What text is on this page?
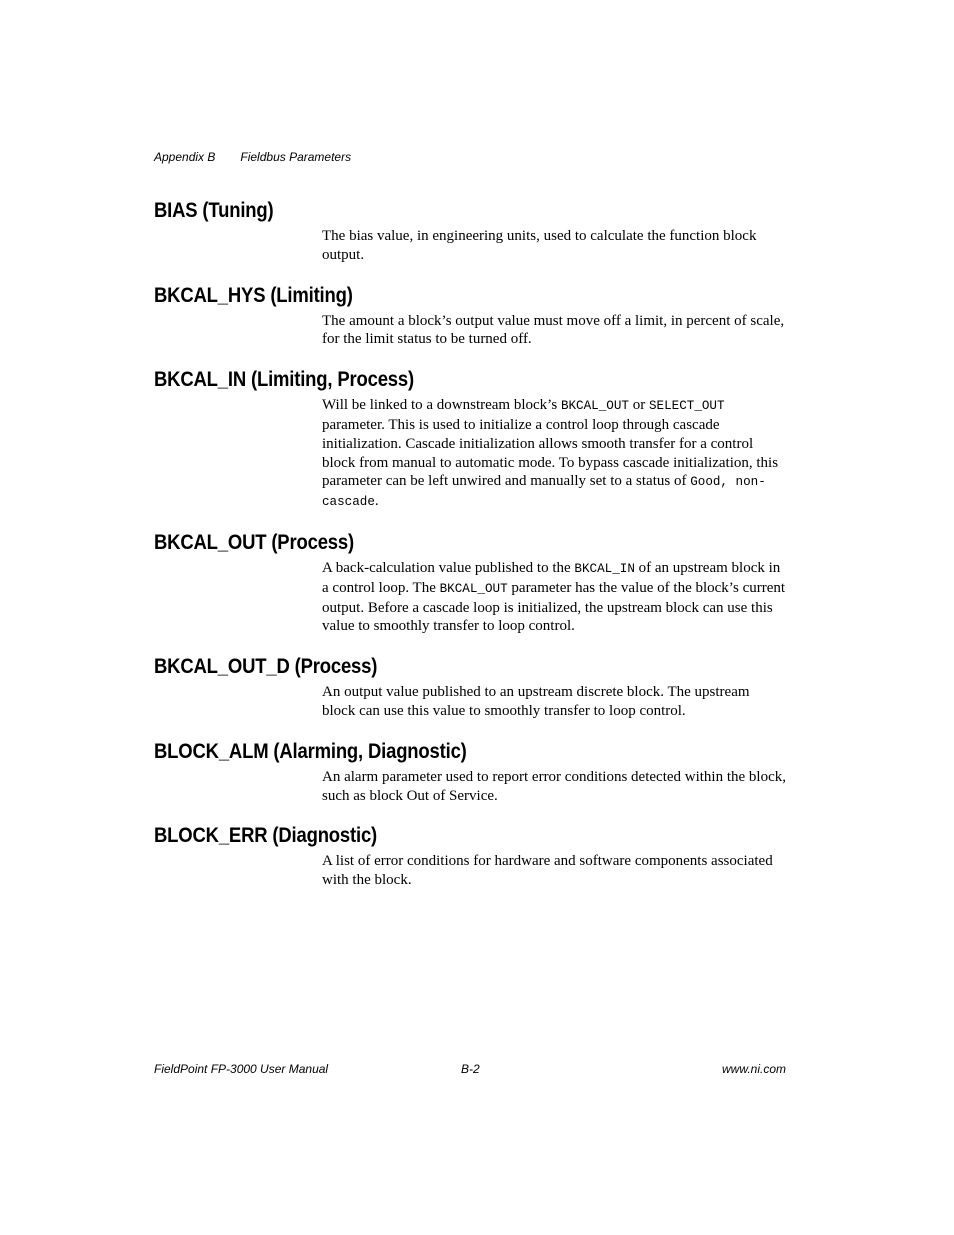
Appendix B Fieldbus Parameters
BIAS (Tuning)

The bias value, in engineering units, used to calculate the function block output.

BKCAL_HYS (Limiting)

The amount a block’s output value must move off a limit, in percent of scale, for the limit status to be turned off.

BKCAL_IN (Limiting, Process)

Will be linked to a downstream block’s BKCAL_OUT or SELECT_OUT parameter. This is used to initialize a control loop through cascade initialization. Cascade initialization allows smooth transfer for a control block from manual to automatic mode. To bypass cascade initialization, this parameter can be left unwired and manually set to a status of Good, non-cascade.

BKCAL_OUT (Process)

A back-calculation value published to the BKCAL_IN of an upstream block in a control loop. The BKCAL_OUT parameter has the value of the block’s current output. Before a cascade loop is initialized, the upstream block can use this value to smoothly transfer to loop control.

BKCAL_OUT_D (Process)

An output value published to an upstream discrete block. The upstream block can use this value to smoothly transfer to loop control.

BLOCK_ALM (Alarming, Diagnostic)

An alarm parameter used to report error conditions detected within the block, such as block Out of Service.

BLOCK_ERR (Diagnostic)

A list of error conditions for hardware and software components associated with the block.

FieldPoint FP-3000 User Manual	B-2	www.ni.com
